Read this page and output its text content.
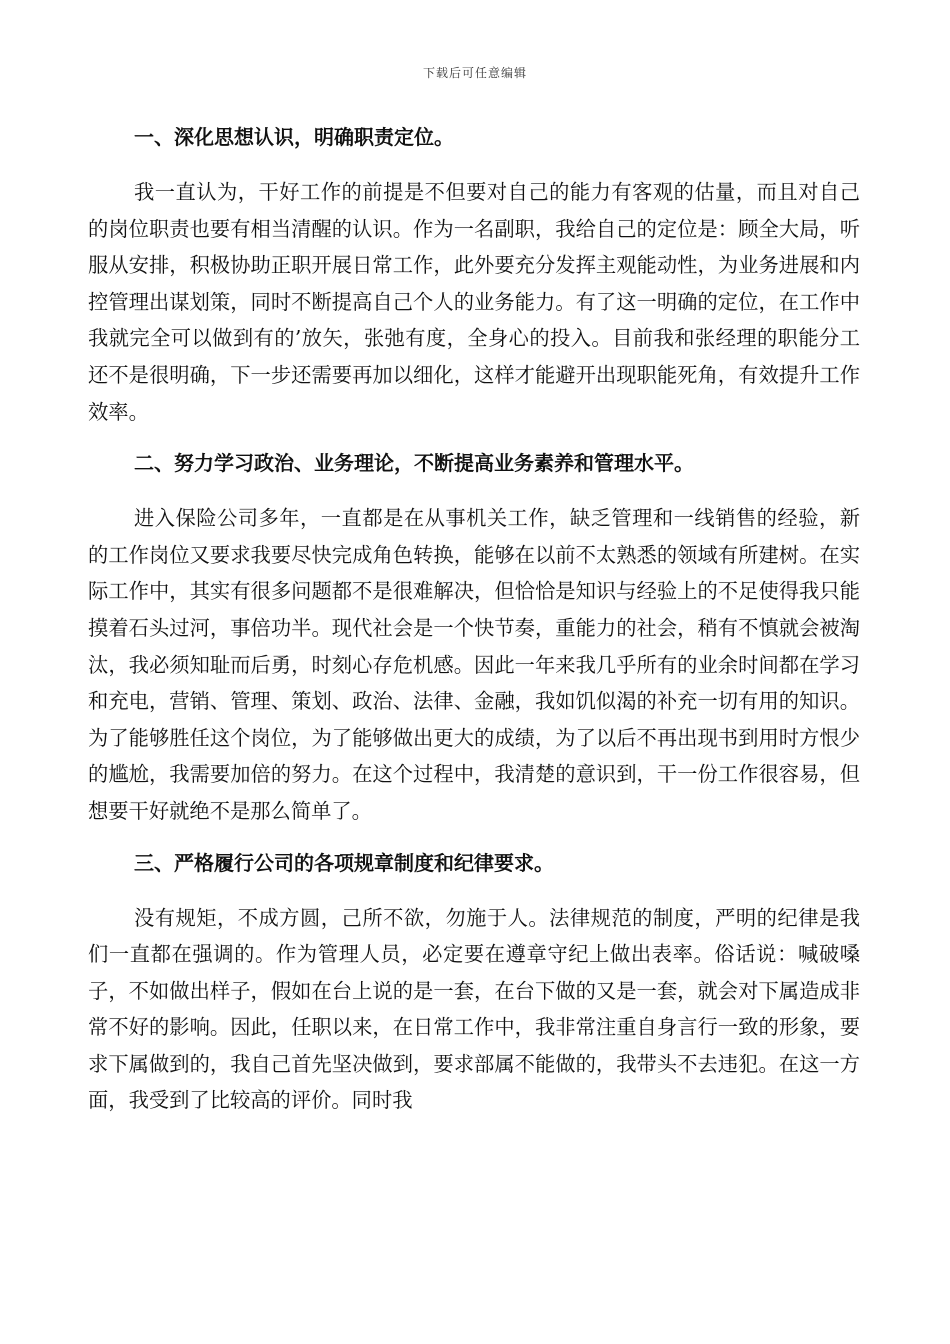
下载后可任意编辑
一、深化思想认识，明确职责定位。
我一直认为，干好工作的前提是不但要对自己的能力有客观的估量，而且对自己的岗位职责也要有相当清醒的认识。作为一名副职，我给自己的定位是：顾全大局，听服从安排，积极协助正职开展日常工作，此外要充分发挥主观能动性，为业务进展和内控管理出谋划策，同时不断提高自己个人的业务能力。有了这一明确的定位，在工作中我就完全可以做到有的’放矢，张弛有度，全身心的投入。目前我和张经理的职能分工还不是很明确，下一步还需要再加以细化，这样才能避开出现职能死角，有效提升工作效率。
二、努力学习政治、业务理论，不断提高业务素养和管理水平。
进入保险公司多年，一直都是在从事机关工作，缺乏管理和一线销售的经验，新的工作岗位又要求我要尽快完成角色转换，能够在以前不太熟悉的领域有所建树。在实际工作中，其实有很多问题都不是很难解决，但恰恰是知识与经验上的不足使得我只能摸着石头过河，事倍功半。现代社会是一个快节奏，重能力的社会，稍有不慎就会被淘汰，我必须知耻而后勇，时刻心存危机感。因此一年来我几乎所有的业余时间都在学习和充电，营销、管理、策划、政治、法律、金融，我如饥似渴的补充一切有用的知识。为了能够胜任这个岗位，为了能够做出更大的成绩，为了以后不再出现书到用时方恨少的尴尬，我需要加倍的努力。在这个过程中，我清楚的意识到，干一份工作很容易，但想要干好就绝不是那么简单了。
三、严格履行公司的各项规章制度和纪律要求。
没有规矩，不成方圆，己所不欲，勿施于人。法律规范的制度，严明的纪律是我们一直都在强调的。作为管理人员，必定要在遵章守纪上做出表率。俗话说：喊破嗓子，不如做出样子，假如在台上说的是一套，在台下做的又是一套，就会对下属造成非常不好的影响。因此，任职以来，在日常工作中，我非常注重自身言行一致的形象，要求下属做到的，我自己首先坚决做到，要求部属不能做的，我带头不去违犯。在这一方面，我受到了比较高的评价。同时我
